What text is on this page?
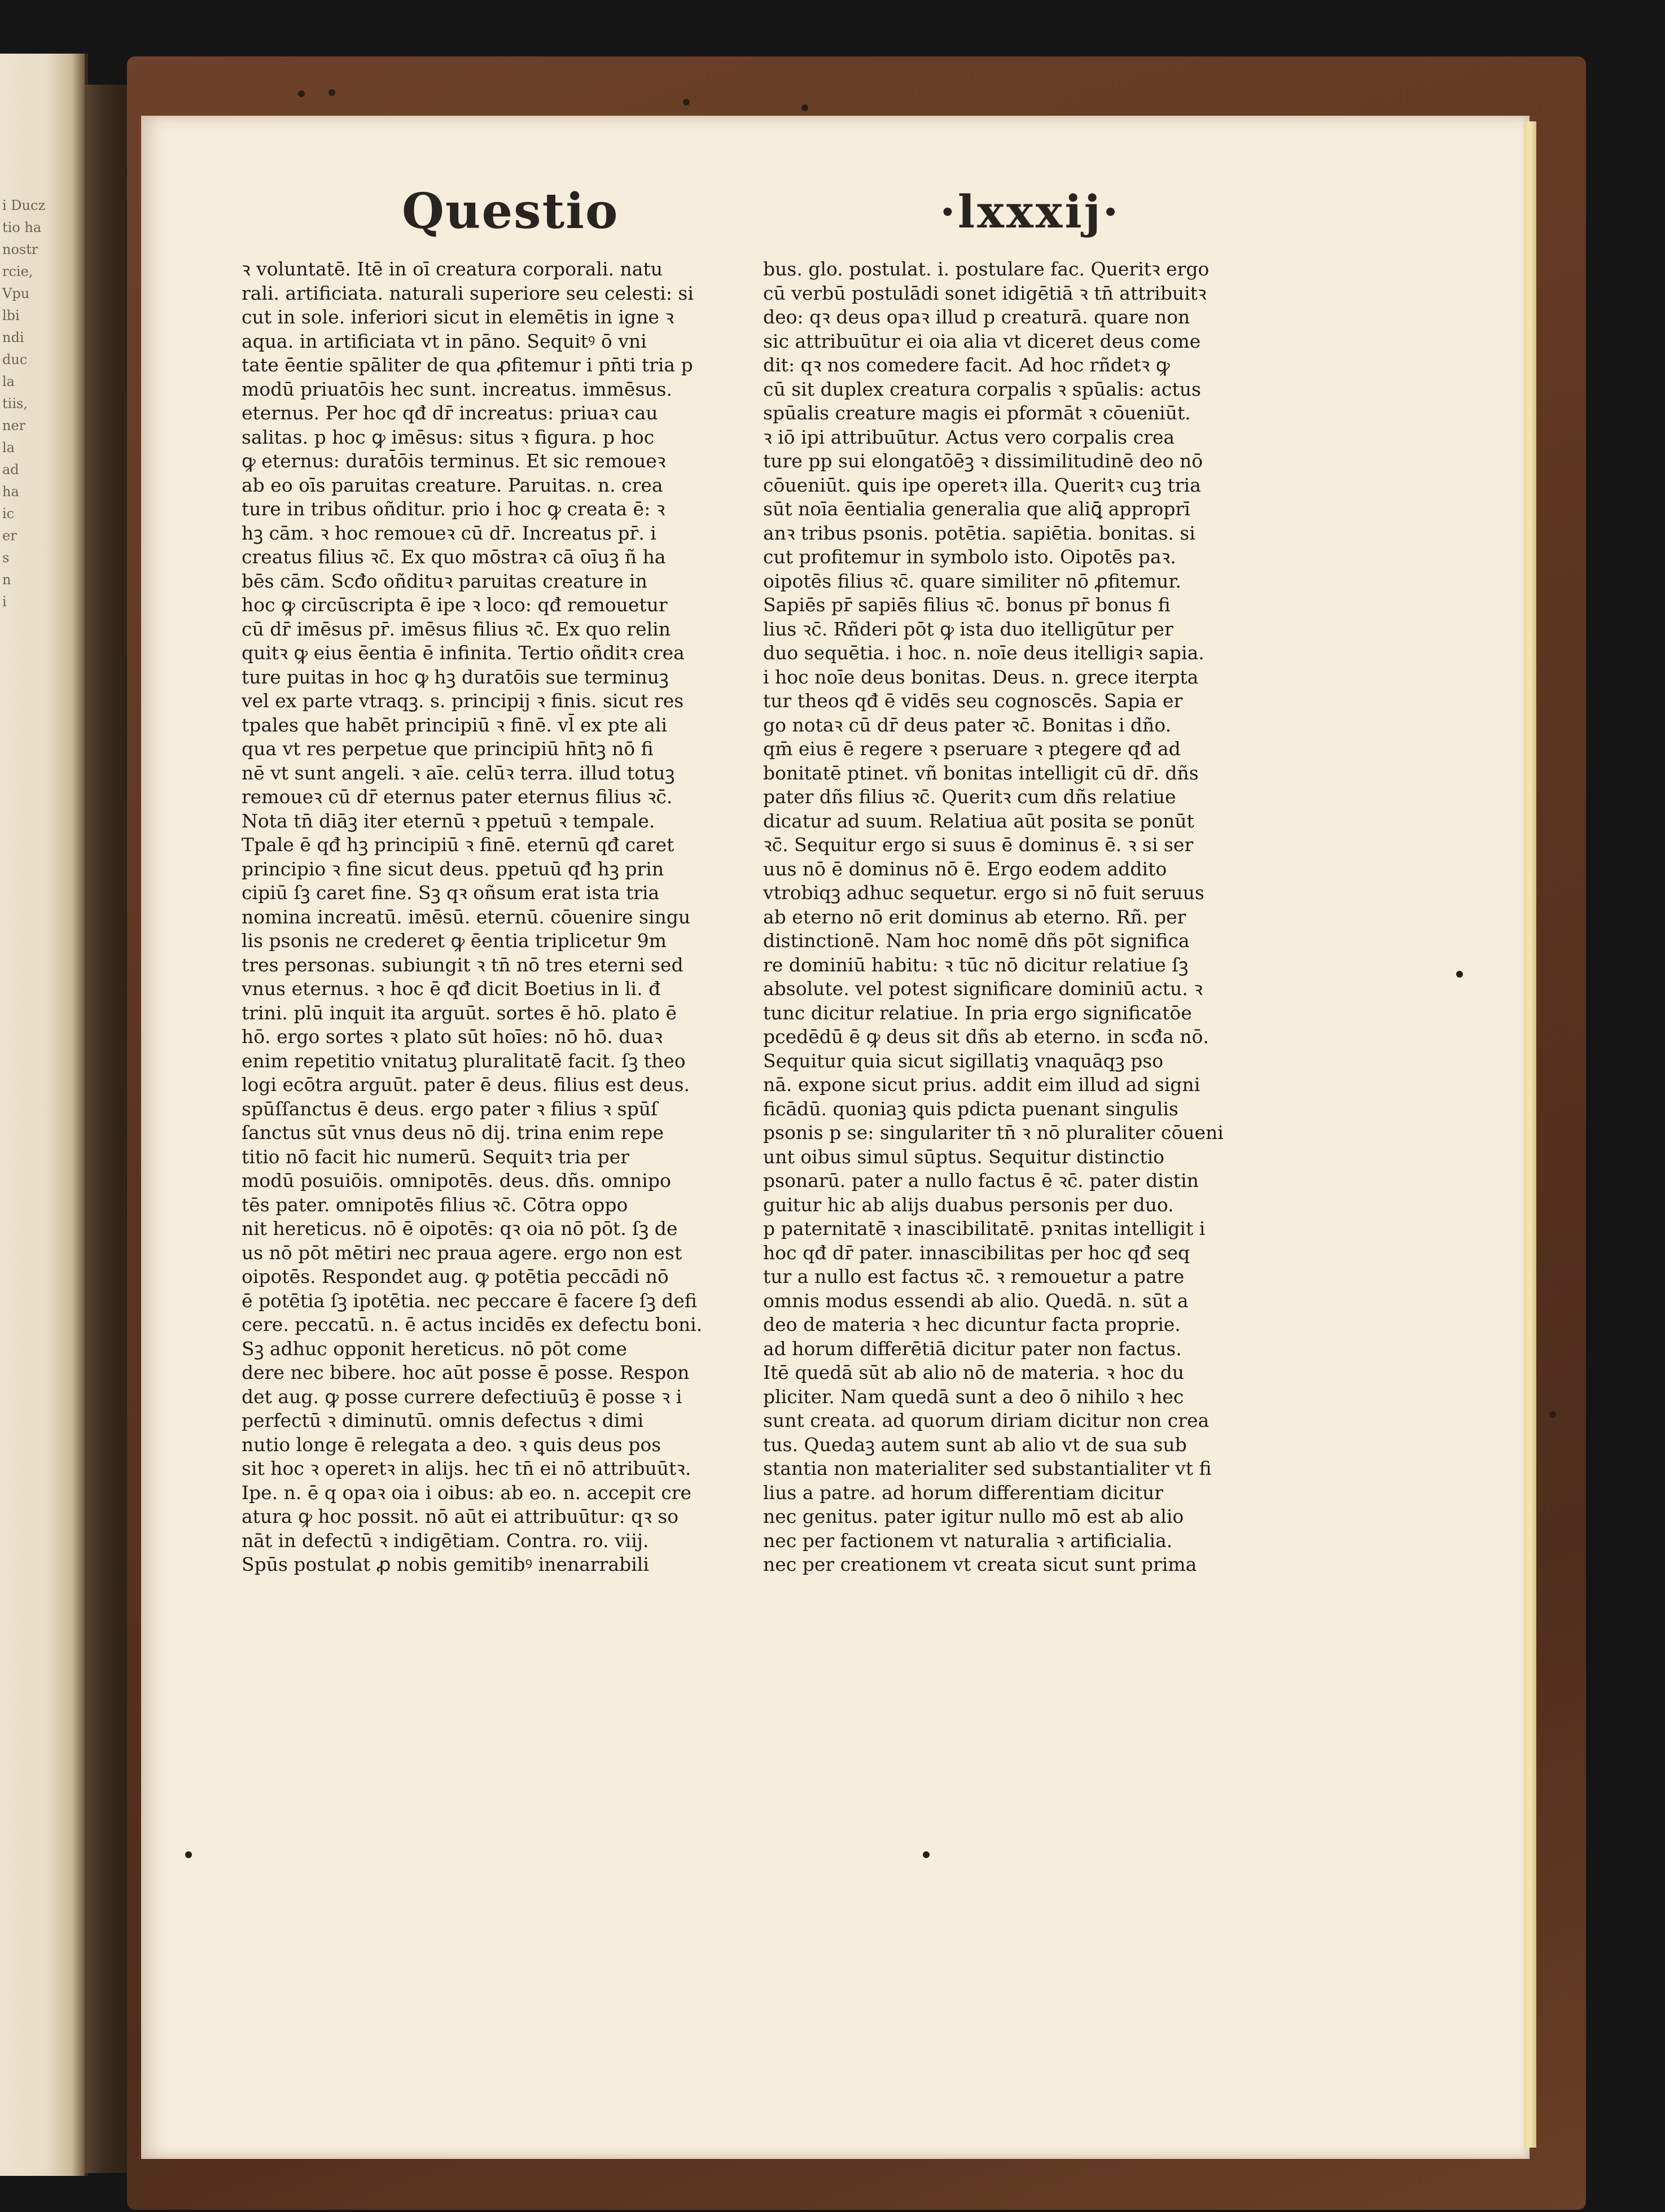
i Ducz
tio ha
nostr
rcie,
Vpu
lbi
ndi
duc
la
tiis,
ner
la
ad
ha
ic
er
s
n
i
Questio	·lxxxij·
ꝛ voluntatē. Itē in oī creatura corporali. natu
rali. artificiata. naturali superiore seu celesti: si
cut in sole. inferiori sicut in elemētis in igne ꝛ
aqua. in artificiata vt in pāno. Sequitꝰ ō vni
tate ēentie spāliter de qua ꝓfitemur i pn̄ti tria p
modū priuatōis hec sunt. increatus. immēsus.
eternus. Per hoc qđ dr̄ increatus: priuaꝛ cau
salitas. p hoc ꝙ imēsus: situs ꝛ figura. p hoc
ꝙ eternus: durat̄ōis terminus. Et sic remoueꝛ
ab eo oīs paruitas creature. Paruitas. n. crea
ture in tribus oñditur. prio i hoc ꝙ creata ē: ꝛ
hꝫ cām. ꝛ hoc remoueꝛ cū dr̄. Increatus pr̄. i
creatus filius ꝛc̄. Ex quo mōstraꝛ cā oīuꝫ ñ ha
bēs cām. Scđo oñdituꝛ paruitas creature in
hoc ꝙ circūscripta ē ipe ꝛ loco: qđ remouetur
cū dr̄ imēsus pr̄. imēsus filius ꝛc̄. Ex quo relin
quitꝛ ꝙ eius ēentia ē infinita. Tertio oñditꝛ crea
ture puitas in hoc ꝙ hꝫ duratōis sue terminuꝫ
vel ex parte vtraqꝫ. s. principij ꝛ finis. sicut res
tpales que habēt principiū ꝛ finē. vl̄ ex pte ali
qua vt res perpetue que principiū hn̄tꝫ nō fi
nē vt sunt angeli. ꝛ aīe. celūꝛ terra. illud totuꝫ
remoueꝛ cū dr̄ eternus pater eternus filius ꝛc̄.
Nota tn̄ diāꝫ iter eternū ꝛ ppetuū ꝛ tempale.
Tpale ē qđ hꝫ principiū ꝛ finē. eternū qđ caret
principio ꝛ fine sicut deus. ppetuū qđ hꝫ prin
cipiū ſꝫ caret fine. Sꝫ qꝛ oñsum erat ista tria
nomina increatū. imēsū. eternū. cōuenire singu
lis psonis ne crederet ꝙ ēentia triplicetur 9m
tres personas. subiungit ꝛ tn̄ nō tres eterni sed
vnus eternus. ꝛ hoc ē qđ dicit Boetius in li. đ
trini. plū inquit ita arguūt. sortes ē hō. plato ē
hō. ergo sortes ꝛ plato sūt hoīes: nō hō. duaꝛ
enim repetitio vnitatuꝫ pluralitatē facit. ſꝫ theo
logi ecōtra arguūt. pater ē deus. filius est deus.
spūſſanctus ē deus. ergo pater ꝛ filius ꝛ spūſ
ſanctus sūt vnus deus nō dij. trina enim repe
titio nō facit hic numerū. Sequitꝛ tria per
modū posuiōis. omnipotēs. deus. dñs. omnipo
tēs pater. omnipotēs filius ꝛc̄. Cōtra oppo
nit hereticus. nō ē oipotēs: qꝛ oia nō pōt. ſꝫ de
us nō pōt mētiri nec praua agere. ergo non est
oipotēs. Respondet aug. ꝙ potētia peccādi nō
ē potētia ſꝫ ipotētia. nec peccare ē facere ſꝫ defi
cere. peccatū. n. ē actus incidēs ex defectu boni.
Sꝫ adhuc opponit hereticus. nō pōt come
dere nec bibere. hoc aūt posse ē posse. Respon
det aug. ꝙ posse currere defectiuūꝫ ē posse ꝛ i
perfectū ꝛ diminutū. omnis defectus ꝛ dimi
nutio longe ē relegata a deo. ꝛ ꝗuis deus pos
sit hoc ꝛ operetꝛ in alijs. hec tn̄ ei nō attribuūtꝛ.
Ipe. n. ē q opaꝛ oia i oibus: ab eo. n. accepit cre
atura ꝙ hoc possit. nō aūt ei attribuūtur: qꝛ so
nāt in defectū ꝛ indigētiam. Contra. ro. viij.
Spūs postulat ꝓ nobis gemitibꝰ inenarrabili
bus. glo. postulat. i. postulare fac. Queritꝛ ergo
cū verbū postulādi sonet idigētiā ꝛ tn̄ attribuitꝛ
deo: qꝛ deus opaꝛ illud p creaturā. quare non
sic attribuūtur ei oia alia vt diceret deus come
dit: qꝛ nos comedere facit. Ad hoc rñdetꝛ ꝙ
cū sit duplex creatura corpalis ꝛ spūalis: actus
spūalis creature magis ei pformāt ꝛ cōueniūt.
ꝛ iō ipi attribuūtur. Actus vero corpalis crea
ture pp sui elongatōēꝫ ꝛ dissimilitudinē deo nō
cōueniūt. ꝗuis ipe operetꝛ illa. Queritꝛ cuꝫ tria
sūt noīa ēentialia generalia que aliꝗ̄ approprī
anꝛ tribus psonis. potētia. sapiētia. bonitas. si
cut profitemur in symbolo isto. Oipotēs paꝛ.
oipotēs filius ꝛc̄. quare similiter nō ꝓfitemur.
Sapiēs pr̄ sapiēs filius ꝛc̄. bonus pr̄ bonus fi
lius ꝛc̄. Rñderi pōt ꝙ ista duo itelligūtur per
duo sequētia. i hoc. n. noīe deus itelligiꝛ sapia.
i hoc noīe deus bonitas. Deus. n. grece iterpta
tur theos qđ ē vidēs seu cognoscēs. Sapia er
go notaꝛ cū dr̄ deus pater ꝛc̄. Bonitas i dño.
qm̄ eius ē regere ꝛ pseruare ꝛ ptegere qđ ad
bonitatē ptinet. vñ bonitas intelligit cū dr̄. dñs
pater dñs filius ꝛc̄. Queritꝛ cum dñs relatiue
dicatur ad suum. Relatiua aūt posita se ponūt
ꝛc̄. Sequitur ergo si suus ē dominus ē. ꝛ si ser
uus nō ē dominus nō ē. Ergo eodem addito
vtrobiqꝫ adhuc sequetur. ergo si nō fuit seruus
ab eterno nō erit dominus ab eterno. Rñ. per
distinctionē. Nam hoc nomē dñs pōt significa
re dominiū habitu: ꝛ tūc nō dicitur relatiue ſꝫ
absolute. vel potest significare dominiū actu. ꝛ
tunc dicitur relatiue. In pria ergo significatōe
pcedēdū ē ꝙ deus sit dñs ab eterno. in scđa nō.
Sequitur quia sicut sigillatiꝫ vnaquāqꝫ pso
nā. expone sicut prius. addit eim illud ad signi
ficādū. quoniaꝫ ꝗuis pdicta puenant singulis
psonis p se: singulariter tn̄ ꝛ nō pluraliter cōueni
unt oibus simul sūptus. Sequitur distinctio
psonarū. pater a nullo factus ē ꝛc̄. pater distin
guitur hic ab alijs duabus personis per duo.
p paternitatē ꝛ inascibilitatē. pꝛnitas intelligit i
hoc qđ dr̄ pater. innascibilitas per hoc qđ seq
tur a nullo est factus ꝛc̄. ꝛ remouetur a patre
omnis modus essendi ab alio. Quedā. n. sūt a
deo de materia ꝛ hec dicuntur facta proprie.
ad horum differētiā dicitur pater non factus.
Itē quedā sūt ab alio nō de materia. ꝛ hoc du
pliciter. Nam quedā sunt a deo ō nihilo ꝛ hec
sunt creata. ad quorum diriam dicitur non crea
tus. Quedaꝫ autem sunt ab alio vt de sua sub
stantia non materialiter sed substantialiter vt fi
lius a patre. ad horum differentiam dicitur
nec genitus. pater igitur nullo mō est ab alio
nec per factionem vt naturalia ꝛ artificialia.
nec per creationem vt creata sicut sunt prima
